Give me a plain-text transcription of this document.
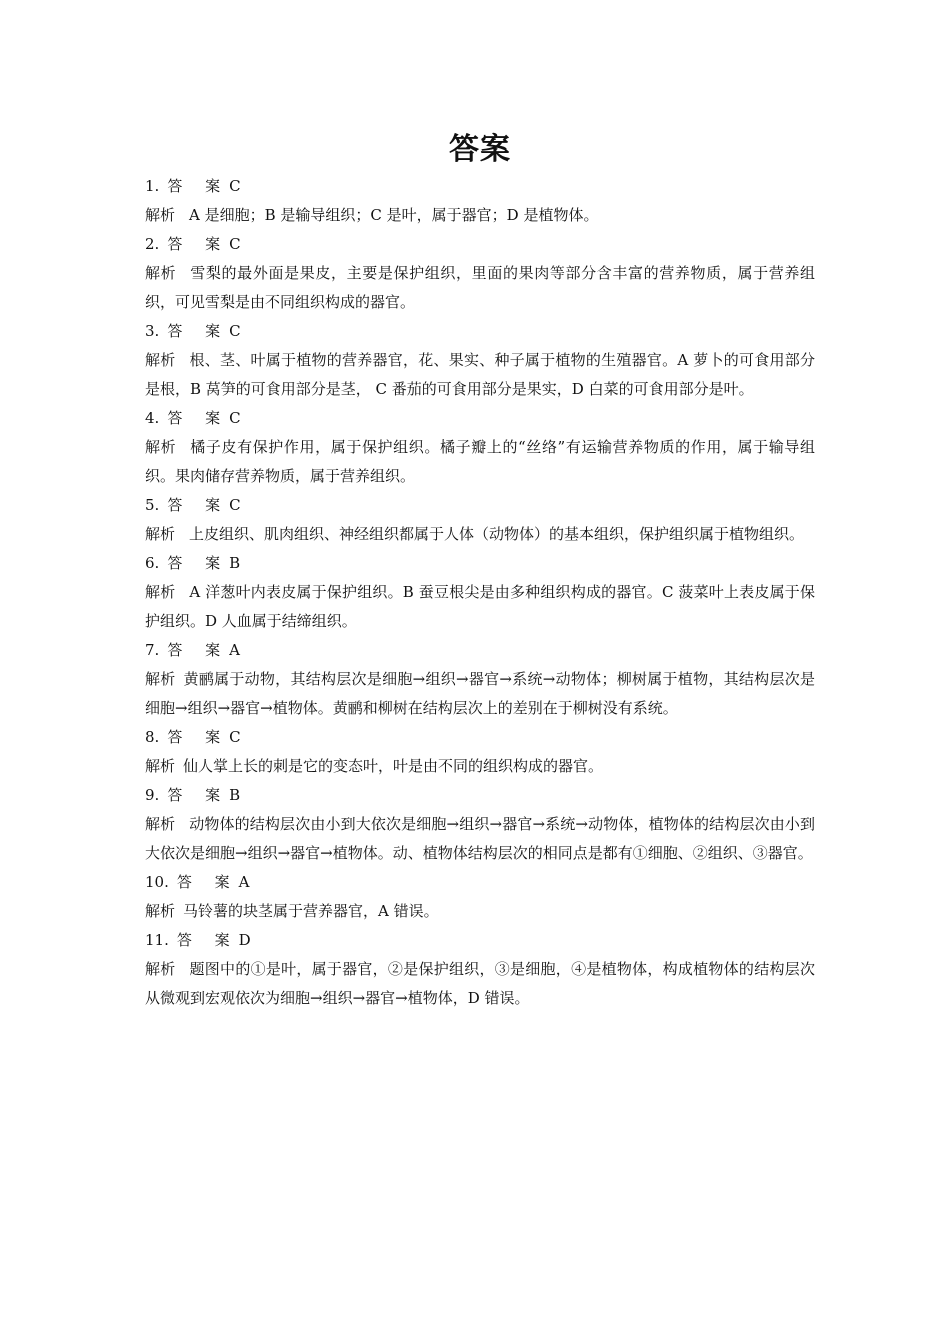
答案
1. 答 案C
解析 A 是细胞；B 是输导组织；C 是叶，属于器官；D 是植物体。
2. 答 案C
解析 雪梨的最外面是果皮，主要是保护组织，里面的果肉等部分含丰富的营养物质，属于营养组织，可见雪梨是由不同组织构成的器官。
3. 答 案C
解析 根、茎、叶属于植物的营养器官，花、果实、种子属于植物的生殖器官。A 萝卜的可食用部分是根，B 莴笋的可食用部分是茎， C 番茄的可食用部分是果实，D 白菜的可食用部分是叶。
4. 答 案C
解析 橘子皮有保护作用，属于保护组织。橘子瓣上的“丝络”有运输营养物质的作用，属于输导组织。果肉储存营养物质，属于营养组织。
5. 答 案C
解析 上皮组织、肌肉组织、神经组织都属于人体（动物体）的基本组织，保护组织属于植物组织。
6. 答 案B
解析 A 洋葱叶内表皮属于保护组织。B 蚕豆根尖是由多种组织构成的器官。C 菠菜叶上表皮属于保护组织。D 人血属于结缔组织。
7. 答 案A
解析 黄鹂属于动物，其结构层次是细胞→组织→器官→系统→动物体；柳树属于植物，其结构层次是细胞→组织→器官→植物体。黄鹂和柳树在结构层次上的差别在于柳树没有系统。
8. 答 案C
解析 仙人掌上长的刺是它的变态叶，叶是由不同的组织构成的器官。
9. 答 案B
解析 动物体的结构层次由小到大依次是细胞→组织→器官→系统→动物体，植物体的结构层次由小到大依次是细胞→组织→器官→植物体。动、植物体结构层次的相同点是都有①细胞、②组织、③器官。
10. 答 案A
解析 马铃薯的块茎属于营养器官，A 错误。
11. 答 案D
解析 题图中的①是叶，属于器官，②是保护组织，③是细胞，④是植物体，构成植物体的结构层次从微观到宏观依次为细胞→组织→器官→植物体，D 错误。
